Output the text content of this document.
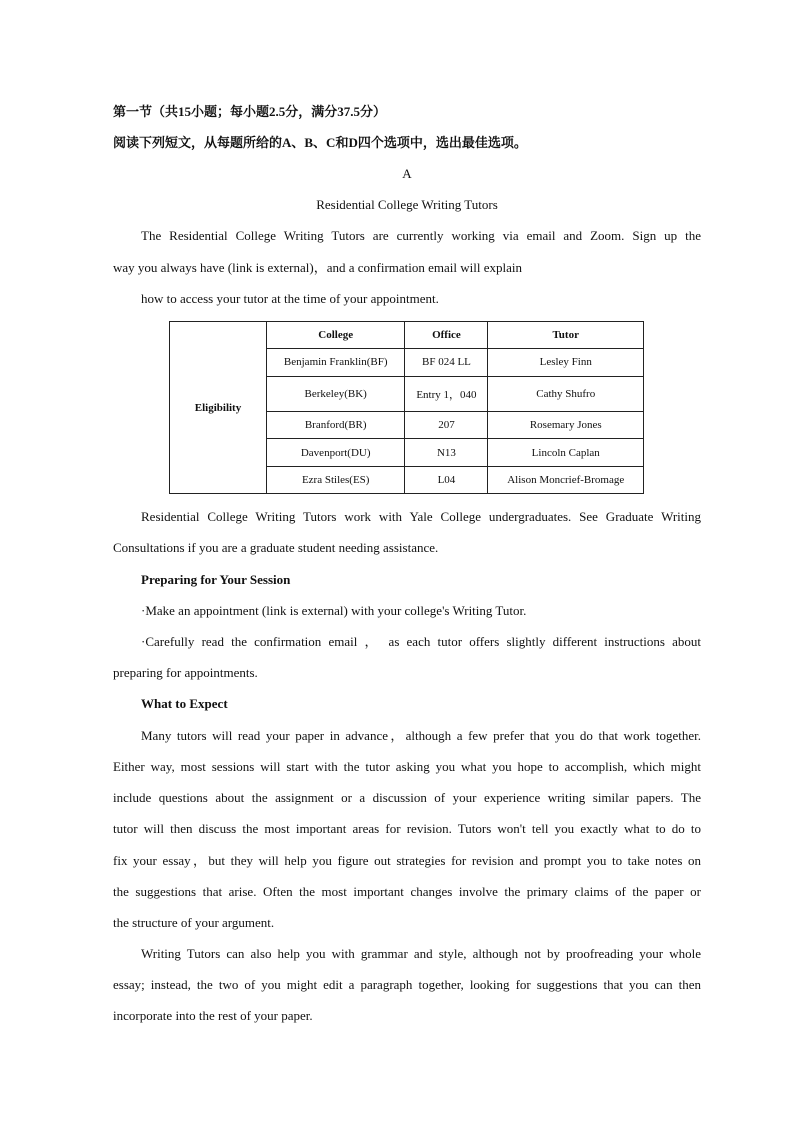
第一节（共15小题；每小题2.5分，满分37.5分）
阅读下列短文，从每题所给的A、B、C和D四个选项中，选出最佳选项。
A
Residential College Writing Tutors
The Residential College Writing Tutors are currently working via email and Zoom. Sign up the
way you always have (link is external)，and a confirmation email will explain
how to access your tutor at the time of your appointment.
Eligibility	College	Office	Tutor
	Benjamin Franklin(BF)	BF 024 LL	Lesley Finn
	Berkeley(BK)	Entry 1，040	Cathy Shufro
	Branford(BR)	207	Rosemary Jones
	Davenport(DU)	N13	Lincoln Caplan
	Ezra Stiles(ES)	L04	Alison Moncrief-Bromage
Residential College Writing Tutors work with Yale College undergraduates. See Graduate Writing
Consultations if you are a graduate student needing assistance.
Preparing for Your Session
·Make an appointment (link is external) with your college's Writing Tutor.
·Carefully read the confirmation email ， as each tutor offers slightly different instructions about
preparing for appointments.
What to Expect
Many tutors will read your paper in advance，although a few prefer that you do that work together.
Either way, most sessions will start with the tutor asking you what you hope to accomplish, which might
include questions about the assignment or a discussion of your experience writing similar papers. The
tutor will then discuss the most important areas for revision. Tutors won't tell you exactly what to do to
fix your essay，but they will help you figure out strategies for revision and prompt you to take notes on
the suggestions that arise. Often the most important changes involve the primary claims of the paper or
the structure of your argument.
Writing Tutors can also help you with grammar and style, although not by proofreading your whole
essay; instead, the two of you might edit a paragraph together, looking for suggestions that you can then
incorporate into the rest of your paper.
